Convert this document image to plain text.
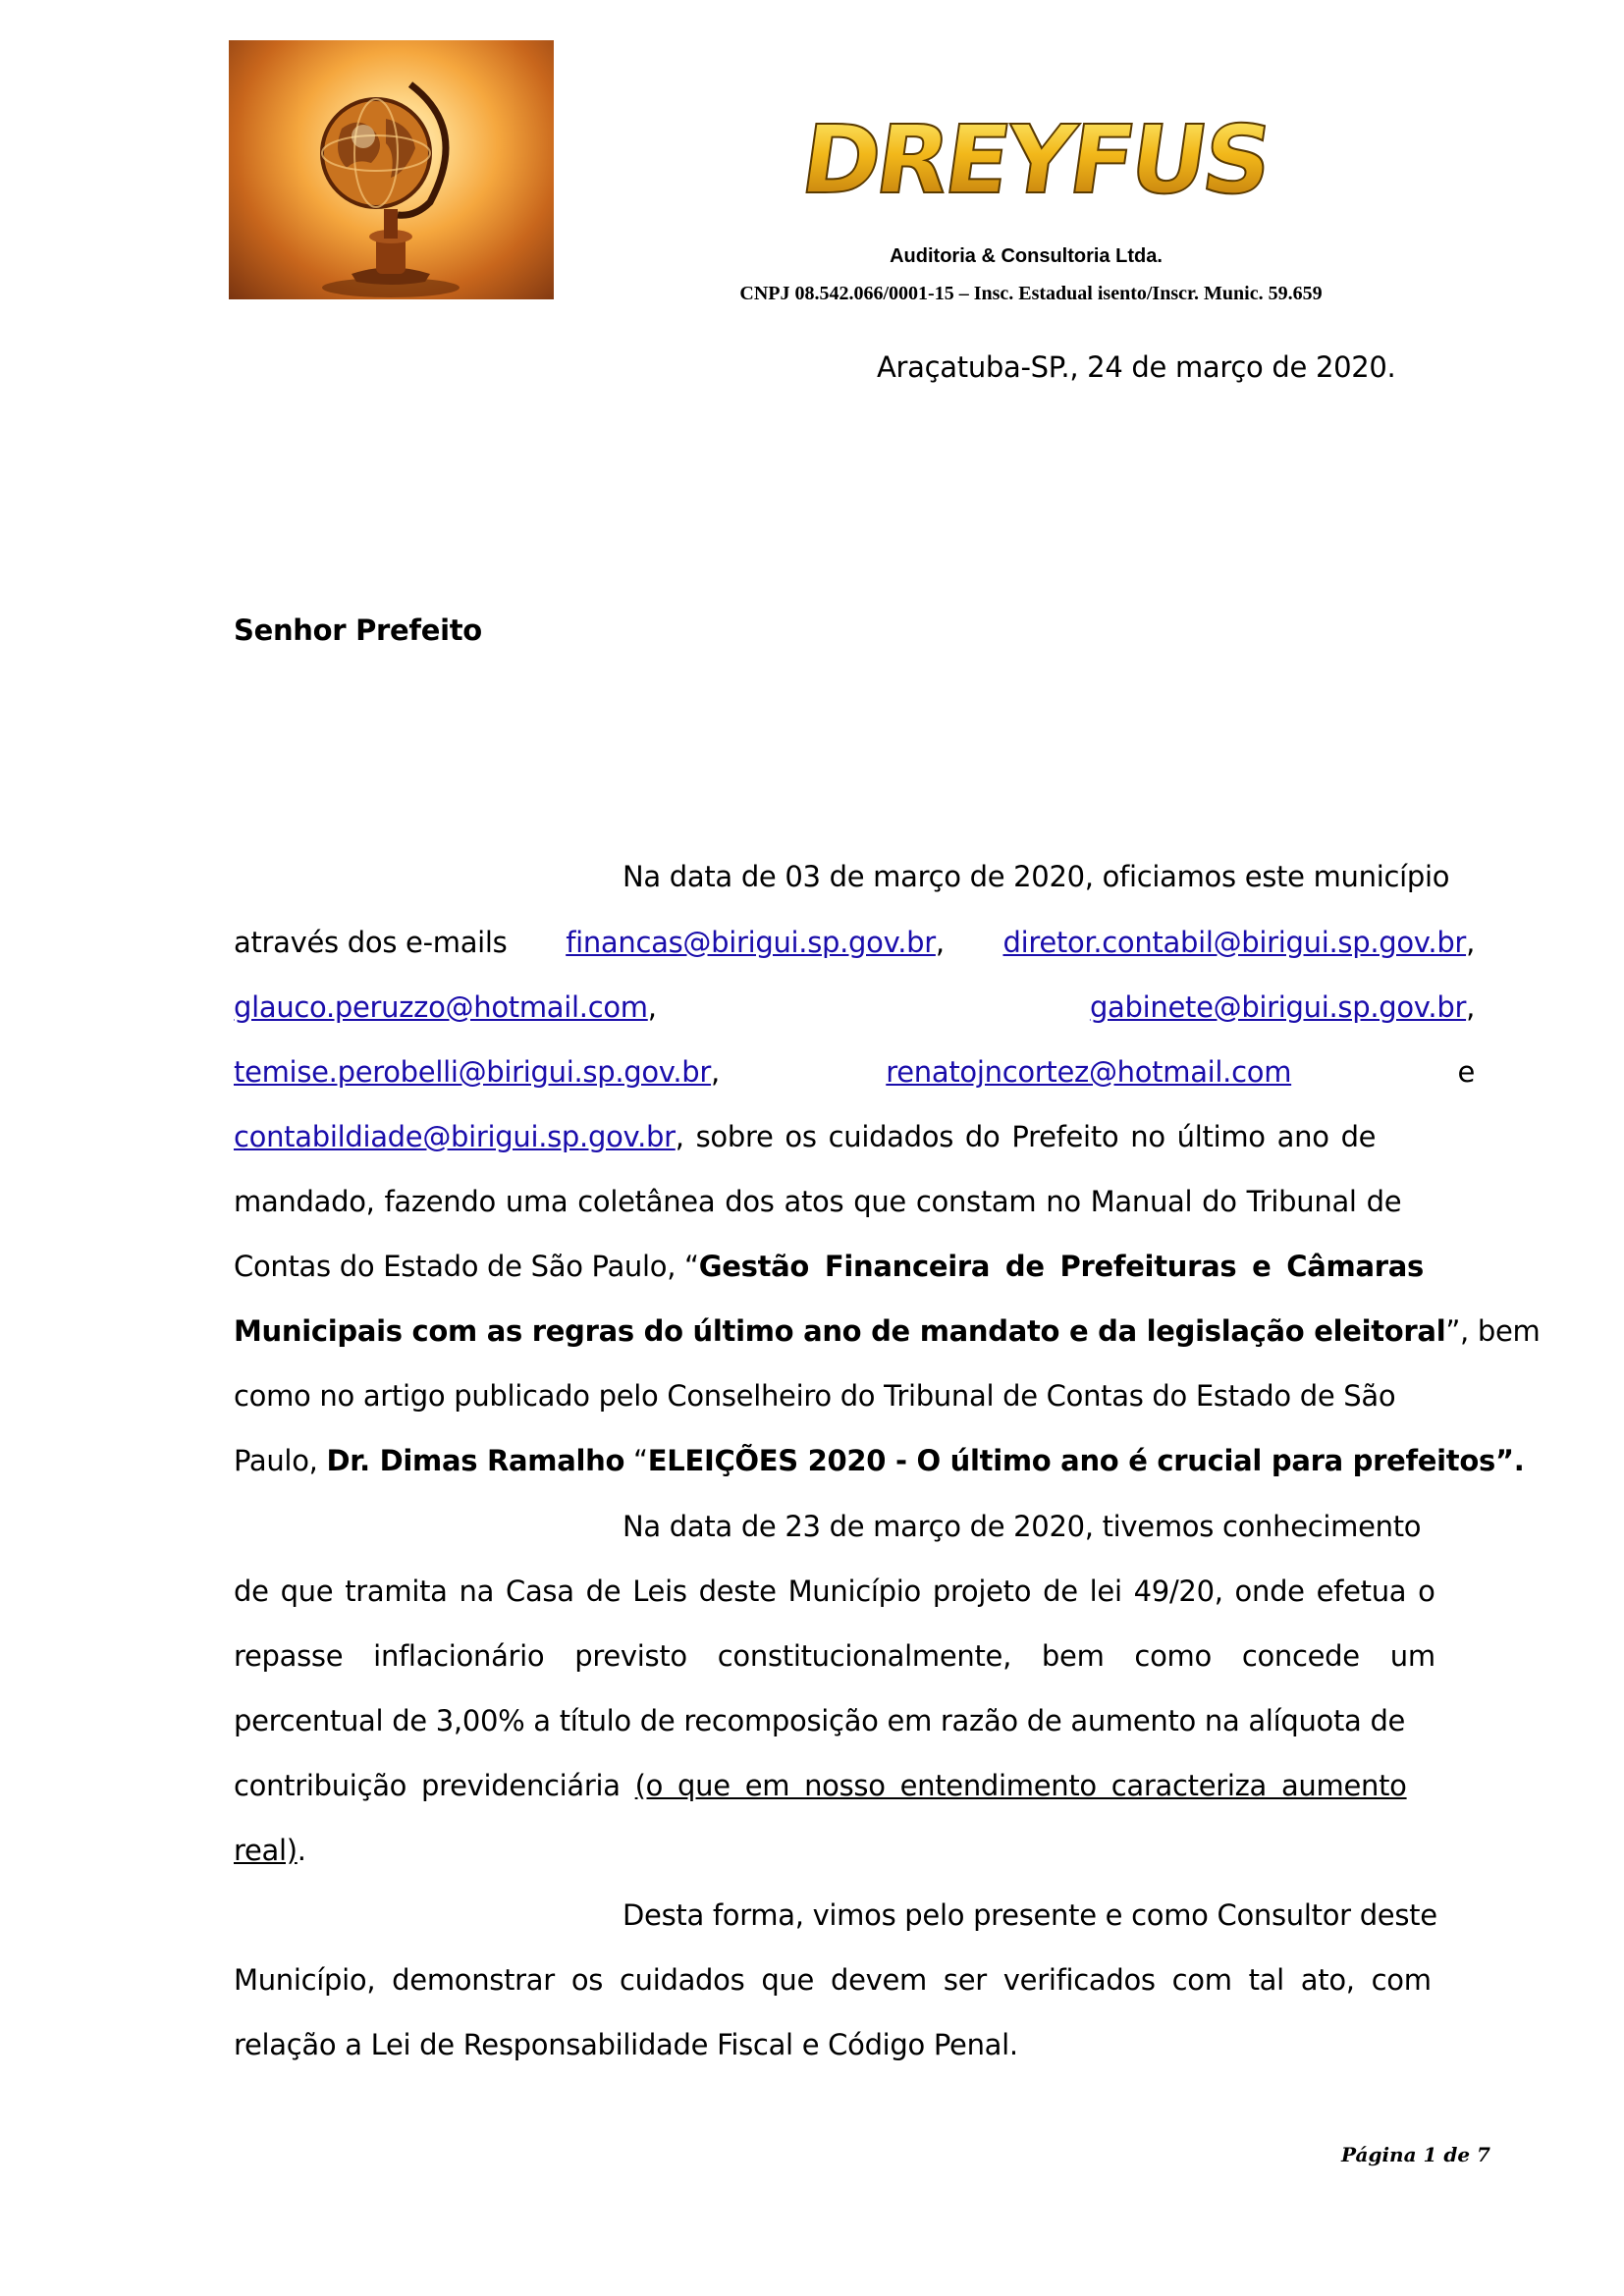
DREYFUS
Auditoria & Consultoria Ltda.
CNPJ 08.542.066/0001-15 – Insc. Estadual isento/Inscr. Munic. 59.659
Araçatuba-SP., 24 de março de 2020.
Senhor Prefeito
Na data de 03 de março de 2020, oficiamos este município
através dos e-mails financas@birigui.sp.gov.br, diretor.contabil@birigui.sp.gov.br,
glauco.peruzzo@hotmail.com,	gabinete@birigui.sp.gov.br,
temise.perobelli@birigui.sp.gov.br,	renatojncortez@hotmail.com	e
contabildiade@birigui.sp.gov.br, sobre os cuidados do Prefeito no último ano de
mandado, fazendo uma coletânea dos atos que constam no Manual do Tribunal de
Contas do Estado de São Paulo, “Gestão Financeira de Prefeituras e Câmaras
Municipais com as regras do último ano de mandato e da legislação eleitoral”, bem
como no artigo publicado pelo Conselheiro do Tribunal de Contas do Estado de São
Paulo, Dr. Dimas Ramalho “ELEIÇÕES 2020 - O último ano é crucial para prefeitos”.
Na data de 23 de março de 2020, tivemos conhecimento
de que tramita na Casa de Leis deste Município projeto de lei 49/20, onde efetua o
repasse inflacionário previsto constitucionalmente, bem como concede um
percentual de 3,00% a título de recomposição em razão de aumento na alíquota de
contribuição previdenciária (o que em nosso entendimento caracteriza aumento
real).
Desta forma, vimos pelo presente e como Consultor deste
Município, demonstrar os cuidados que devem ser verificados com tal ato, com
relação a Lei de Responsabilidade Fiscal e Código Penal.
Página 1 de 7
